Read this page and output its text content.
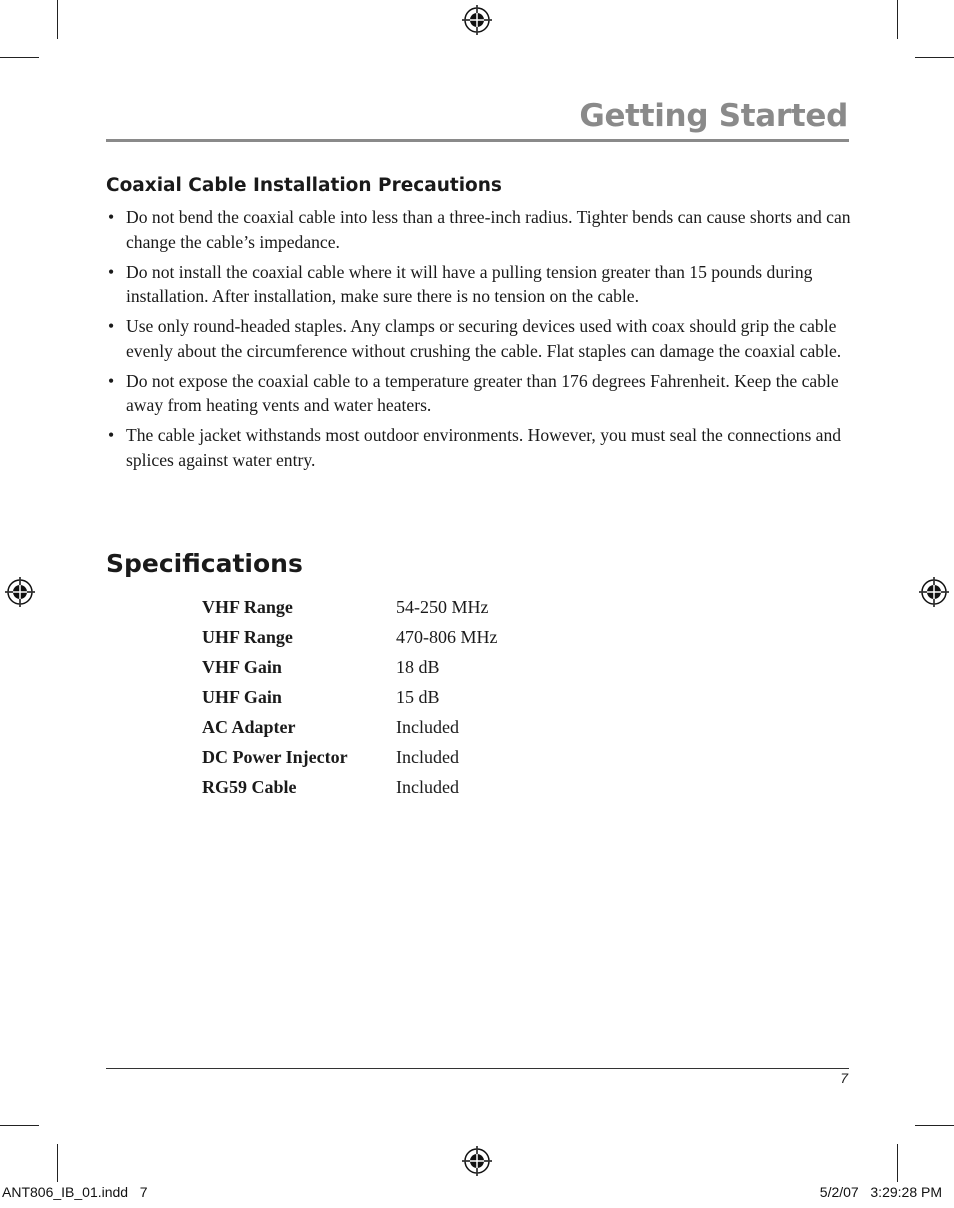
Getting Started
Coaxial Cable Installation Precautions
• Do not bend the coaxial cable into less than a three-inch radius. Tighter bends can cause shorts and can change the cable’s impedance.
• Do not install the coaxial cable where it will have a pulling tension greater than 15 pounds during installation. After installation, make sure there is no tension on the cable.
• Use only round-headed staples. Any clamps or securing devices used with coax should grip the cable evenly about the circumference without crushing the cable. Flat staples can damage the coaxial cable.
• Do not expose the coaxial cable to a temperature greater than 176 degrees Fahrenheit. Keep the cable away from heating vents and water heaters.
• The cable jacket withstands most outdoor environments. However, you must seal the connections and splices against water entry.
Specifications
VHF Range	54-250 MHz
UHF Range	470-806 MHz
VHF Gain	18 dB
UHF Gain	15 dB
AC Adapter	Included
DC Power Injector	Included
RG59 Cable	Included
7
ANT806_IB_01.indd   7	5/2/07   3:29:28 PM
